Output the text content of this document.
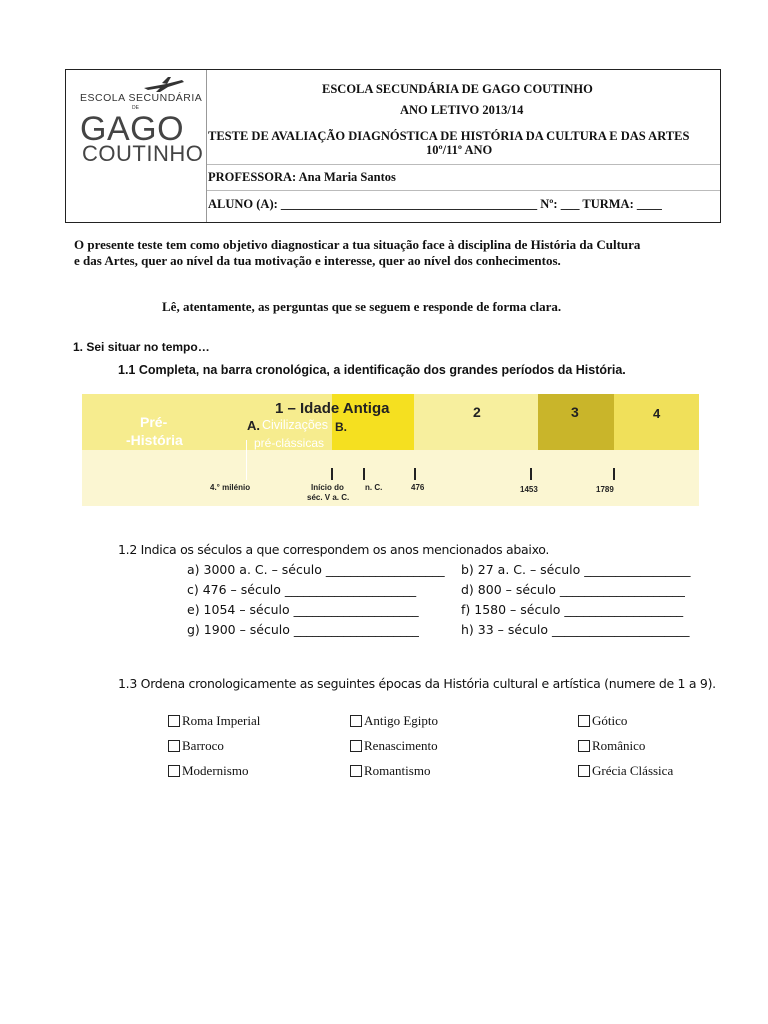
ESCOLA SECUNDÁRIA
DE
GAGO
COUTINHO
ESCOLA SECUNDÁRIA DE GAGO COUTINHO
ANO LETIVO 2013/14
TESTE DE AVALIAÇÃO DIAGNÓSTICA DE HISTÓRIA DA CULTURA E DAS ARTES
10º/11º ANO
PROFESSORA: Ana Maria Santos
ALUNO (A): _________________________________________ Nº: ___ TURMA: ____
O presente teste tem como objetivo diagnosticar a tua situação face à disciplina de História da Cultura
e das Artes, quer ao nível da tua motivação e interesse, quer ao nível dos conhecimentos.
Lê, atentamente, as perguntas que se seguem e responde de forma clara.
1. Sei situar no tempo…
1.1 Completa, na barra cronológica, a identificação dos grandes períodos da História.
Pré-
-História
1 – Idade Antiga
A. Civilizações
pré-clássicas
B.
2	3	4
4.° milénio	Início do
séc. V a. C.
n. C.	476	1453	1789
1.2 Indica os séculos a que correspondem os anos mencionados abaixo.
a) 3000 a. C. – século ___________________ b) 27 a. C. – século _________________
c) 476 – século _____________________	d) 800 – século ____________________
e) 1054 – século ____________________	f) 1580 – século ___________________
g) 1900 – século ____________________	h) 33 – século ______________________
1.3 Ordena cronologicamente as seguintes épocas da História cultural e artística (numere de 1 a 9).
Roma Imperial	Antigo Egipto	Gótico
Barroco	Renascimento	Românico
Modernismo	Romantismo	Grécia Clássica
